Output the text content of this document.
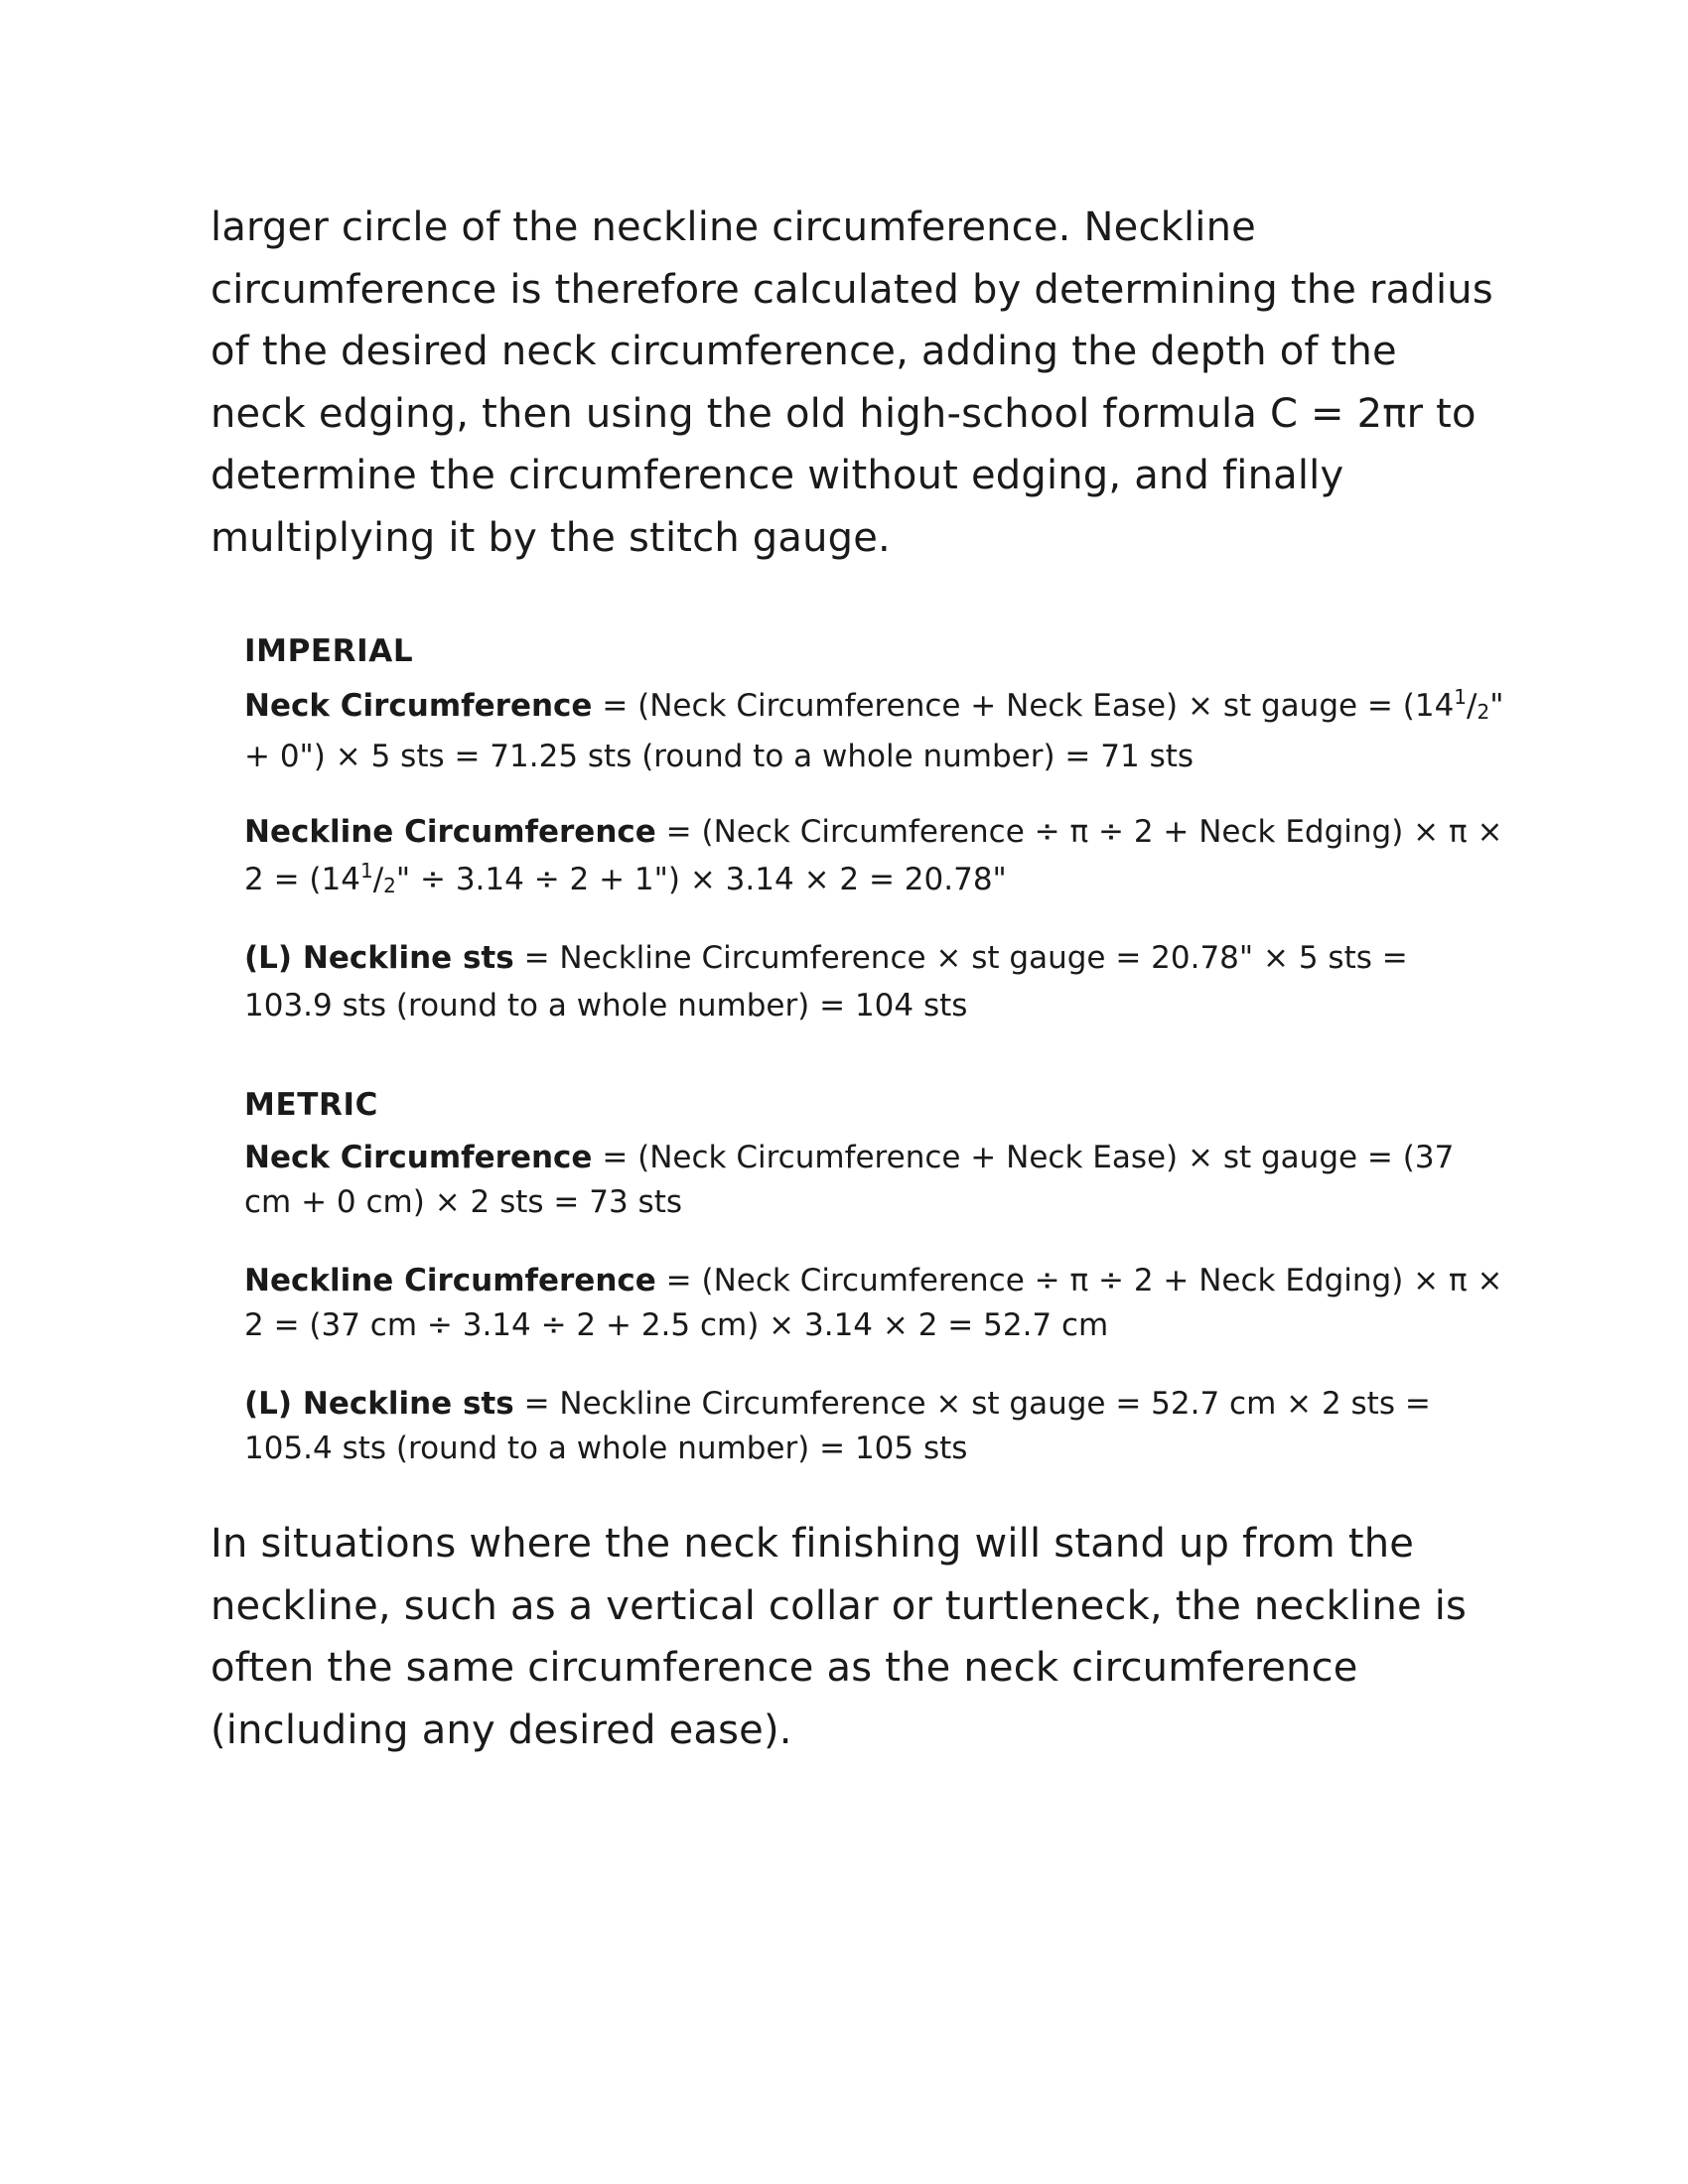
larger circle of the neckline circumference. Neckline circumference is therefore calculated by determining the radius of the desired neck circumference, adding the depth of the neck edging, then using the old high-school formula C = 2πr to determine the circumference without edging, and finally multiplying it by the stitch gauge.

IMPERIAL

Neck Circumference = (Neck Circumference + Neck Ease) × st gauge = ($14^1/2$" + 0") × 5 sts = 71.25 sts (round to a whole number) = 71 sts

Neckline Circumference = (Neck Circumference ÷ π ÷ 2 + Neck Edging) × $\pi \times 2 = (14^1/2$" ÷ 3.14 ÷ 2 + 1") × 3.14 × 2 = 20.78"

(L) Neckline sts = Neckline Circumference × st gauge = 20.78" × 5 sts = 103.9 sts (round to a whole number) = 104 sts

METRIC

Neck Circumference = (Neck Circumference + Neck Ease) × st gauge = (37 cm + 0 cm) × 2 sts = 73 sts

Neckline Circumference = (Neck Circumference ÷ π ÷ 2 + Neck Edging) × π × 2 = (37 cm ÷ 3.14 ÷ 2 + 2.5 cm) × 3.14 × 2 = 52.7 cm

(L) Neckline sts = Neckline Circumference × st gauge = 52.7 cm × 2 sts = 105.4 sts (round to a whole number) = 105 sts

In situations where the neck finishing will stand up from the neckline, such as a vertical collar or turtleneck, the neckline is often the same circumference as the neck circumference (including any desired ease).
